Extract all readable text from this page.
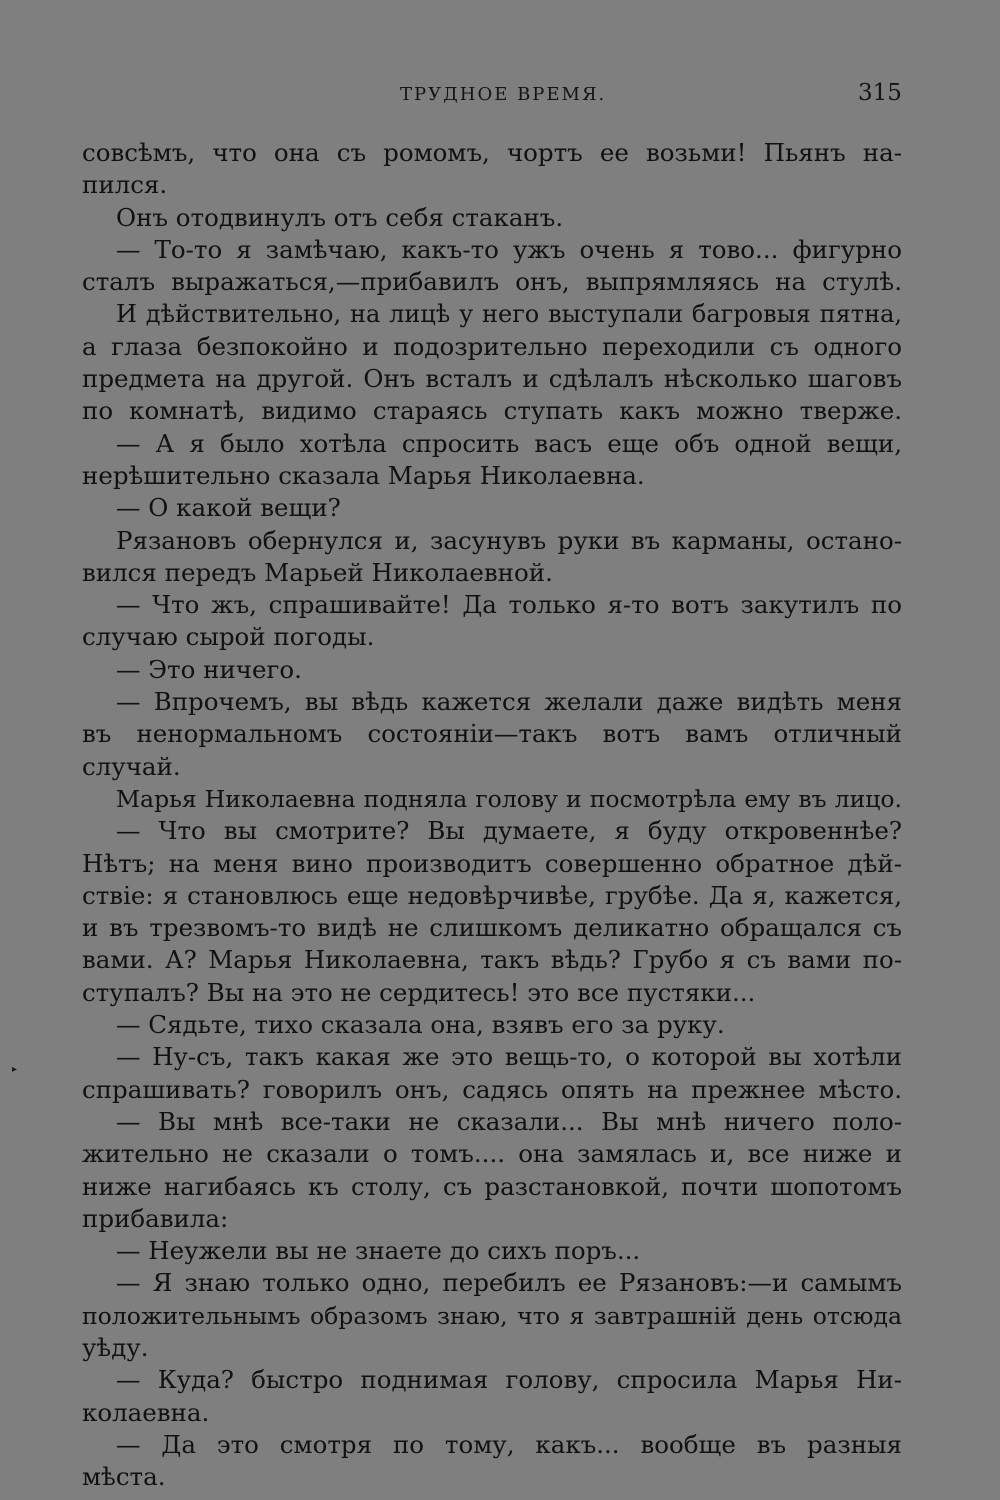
ТРУДНОЕ ВРЕМЯ.	315
совсѣмъ, что она съ ромомъ, чортъ ее возьми! Пьянъ на-
пился.
Онъ отодвинулъ отъ себя стаканъ.
— То-то я замѣчаю, какъ-то ужъ очень я тово... фигурно
сталъ выражаться,—прибавилъ онъ, выпрямляясь на стулѣ.
И дѣйствительно, на лицѣ у него выступали багровыя пятна,
а глаза безпокойно и подозрительно переходили съ одного
предмета на другой. Онъ всталъ и сдѣлалъ нѣсколько шаговъ
по комнатѣ, видимо стараясь ступать какъ можно тверже.
— А я было хотѣла спросить васъ еще объ одной вещи,
нерѣшительно сказала Марья Николаевна.
— О какой вещи?
Рязановъ обернулся и, засунувъ руки въ карманы, остано-
вился передъ Марьей Николаевной.
— Что жъ, спрашивайте! Да только я-то вотъ закутилъ по
случаю сырой погоды.
— Это ничего.
— Впрочемъ, вы вѣдь кажется желали даже видѣть меня
въ ненормальномъ состояніи—такъ вотъ вамъ отличный
случай.
Марья Николаевна подняла голову и посмотрѣла ему въ лицо.
— Что вы смотрите? Вы думаете, я буду откровеннѣе?
Нѣтъ; на меня вино производитъ совершенно обратное дѣй-
ствіе: я становлюсь еще недовѣрчивѣе, грубѣе. Да я, кажется,
и въ трезвомъ-то видѣ не слишкомъ деликатно обращался съ
вами. А? Марья Николаевна, такъ вѣдь? Грубо я съ вами по-
ступалъ? Вы на это не сердитесь! это все пустяки...
— Сядьте, тихо сказала она, взявъ его за руку.
— Ну-съ, такъ какая же это вещь-то, о которой вы хотѣли
спрашивать? говорилъ онъ, садясь опять на прежнее мѣсто.
— Вы мнѣ все-таки не сказали... Вы мнѣ ничего поло-
жительно не сказали о томъ.... она замялась и, все ниже и
ниже нагибаясь къ столу, съ разстановкой, почти шопотомъ
прибавила:
— Неужели вы не знаете до сихъ поръ...
— Я знаю только одно, перебилъ ее Рязановъ:—и самымъ
положительнымъ образомъ знаю, что я завтрашній день отсюда
уѣду.
— Куда? быстро поднимая голову, спросила Марья Ни-
колаевна.
— Да это смотря по тому, какъ... вообще въ разныя
мѣста.
▸
